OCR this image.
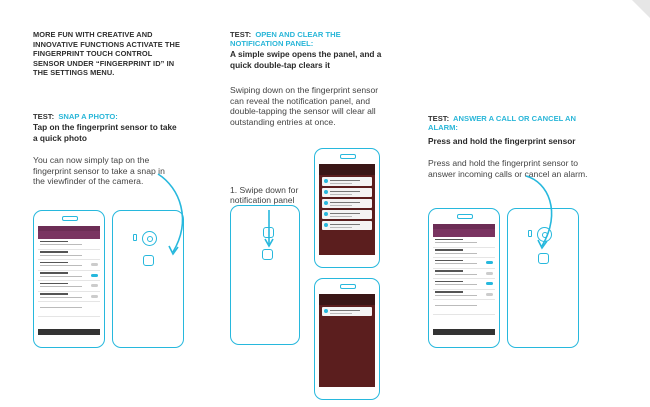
MORE FUN WITH CREATIVE AND INNOVATIVE FUNCTIONS ACTIVATE THE FINGERPRINT TOUCH CONTROL SENSOR UNDER “FINGERPRINT ID” IN THE SETTINGS MENU.

TEST: SNAP A PHOTO:

Tap on the fingerprint sensor to take a quick photo

You can now simply tap on the fingerprint sensor to take a snap in the viewfinder of the camera.

TEST: OPEN AND CLEAR THE NOTIFICATION PANEL:

A simple swipe opens the panel, and a quick double-tap clears it

Swiping down on the fingerprint sensor can reveal the notification panel, and double-tapping the sensor will clear all outstanding entries at once.

1. Swipe down for notification panel

TEST: ANSWER A CALL OR CANCEL AN ALARM:

Press and hold the fingerprint sensor

Press and hold the fingerprint sensor to answer incoming calls or cancel an alarm.
